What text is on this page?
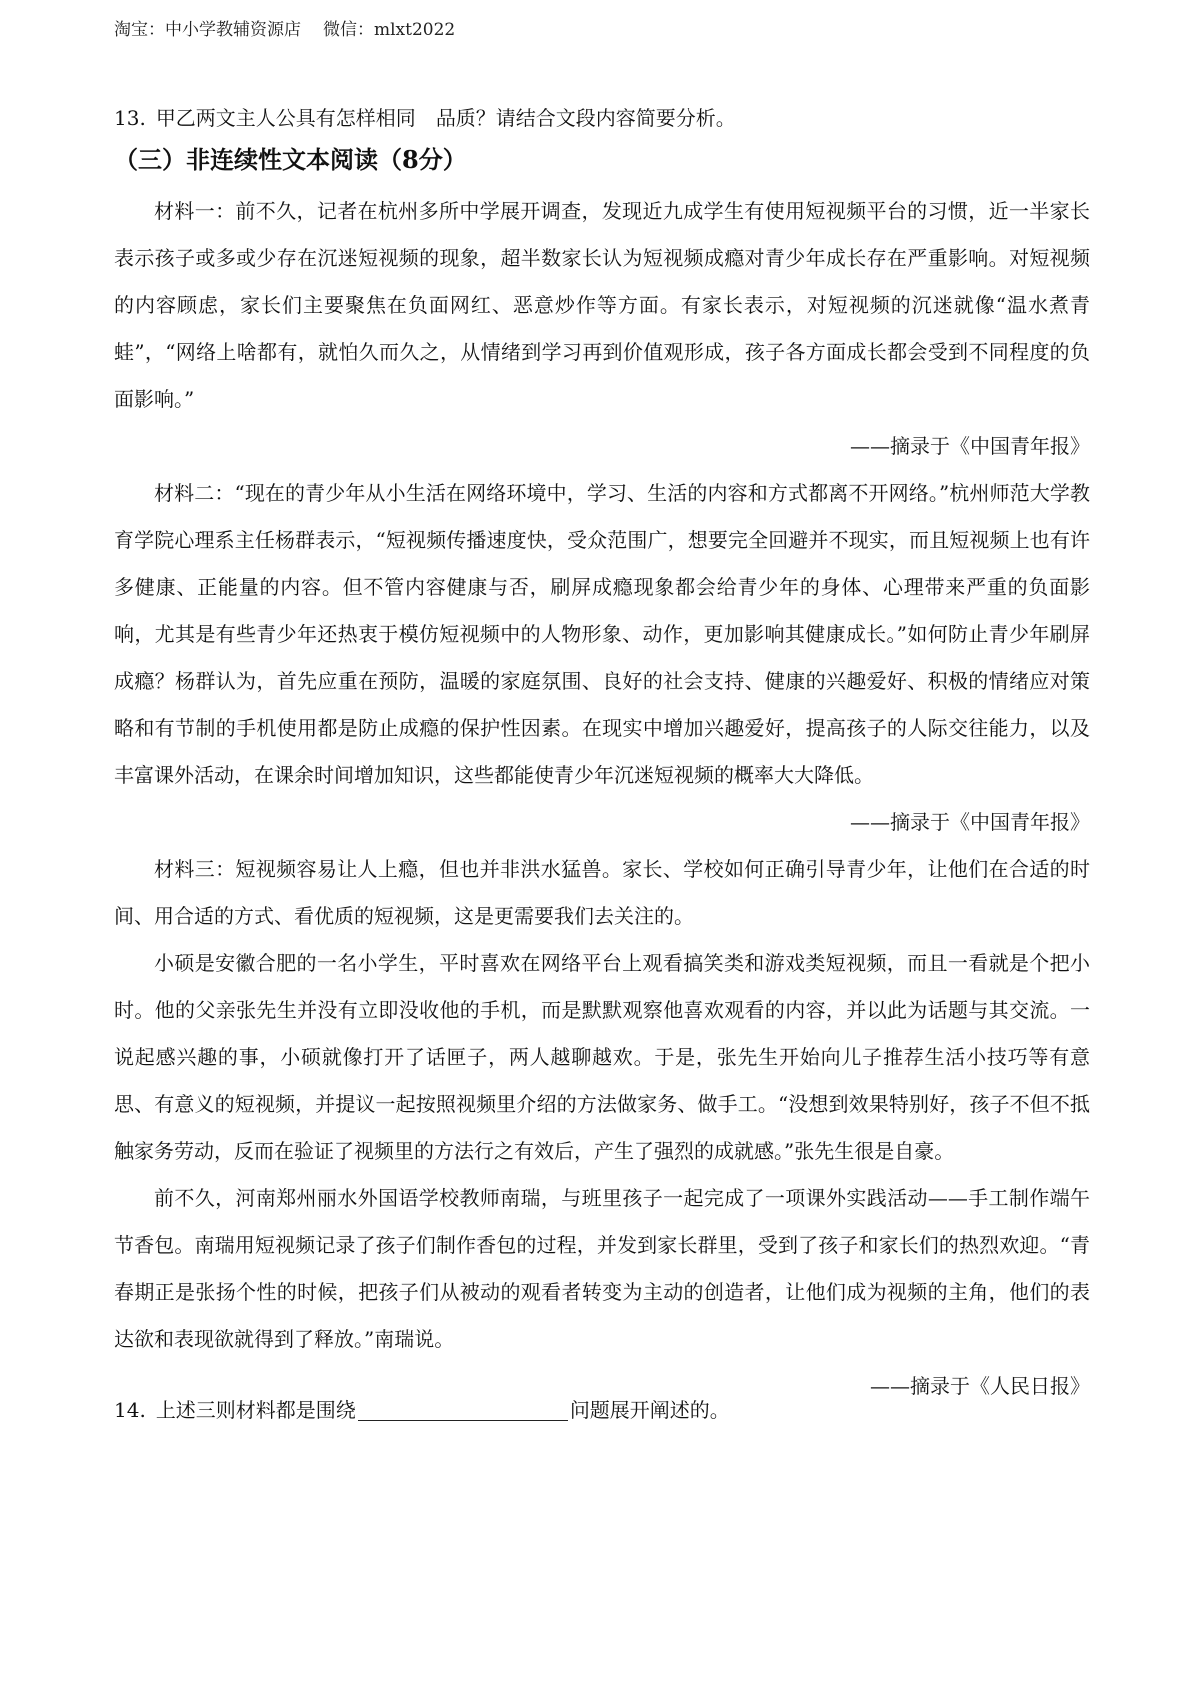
淘宝：中小学教辅资源店 微信：mlxt2022
13. 甲乙两文主人公具有怎样相同 品质？请结合文段内容简要分析。
（三）非连续性文本阅读（8分）

材料一：前不久，记者在杭州多所中学展开调查，发现近九成学生有使用短视频平台的习惯，近一半家长表示孩子或多或少存在沉迷短视频的现象，超半数家长认为短视频成瘾对青少年成长存在严重影响。对短视频的内容顾虑，家长们主要聚焦在负面网红、恶意炒作等方面。有家长表示，对短视频的沉迷就像“温水煮青蛙”，“网络上啥都有，就怕久而久之，从情绪到学习再到价值观形成，孩子各方面成长都会受到不同程度的负面影响。”

——摘录于《中国青年报》

材料二：“现在的青少年从小生活在网络环境中，学习、生活的内容和方式都离不开网络。”杭州师范大学教育学院心理系主任杨群表示，“短视频传播速度快，受众范围广，想要完全回避并不现实，而且短视频上也有许多健康、正能量的内容。但不管内容健康与否，刷屏成瘾现象都会给青少年的身体、心理带来严重的负面影响，尤其是有些青少年还热衷于模仿短视频中的人物形象、动作，更加影响其健康成长。”如何防止青少年刷屏成瘾？杨群认为，首先应重在预防，温暖的家庭氛围、良好的社会支持、健康的兴趣爱好、积极的情绪应对策略和有节制的手机使用都是防止成瘾的保护性因素。在现实中增加兴趣爱好，提高孩子的人际交往能力，以及丰富课外活动，在课余时间增加知识，这些都能使青少年沉迷短视频的概率大大降低。

——摘录于《中国青年报》

材料三：短视频容易让人上瘾，但也并非洪水猛兽。家长、学校如何正确引导青少年，让他们在合适的时间、用合适的方式、看优质的短视频，这是更需要我们去关注的。

小硕是安徽合肥的一名小学生，平时喜欢在网络平台上观看搞笑类和游戏类短视频，而且一看就是个把小时。他的父亲张先生并没有立即没收他的手机，而是默默观察他喜欢观看的内容，并以此为话题与其交流。一说起感兴趣的事，小硕就像打开了话匣子，两人越聊越欢。于是，张先生开始向儿子推荐生活小技巧等有意思、有意义的短视频，并提议一起按照视频里介绍的方法做家务、做手工。“没想到效果特别好，孩子不但不抵触家务劳动，反而在验证了视频里的方法行之有效后，产生了强烈的成就感。”张先生很是自豪。

前不久，河南郑州丽水外国语学校教师南瑞，与班里孩子一起完成了一项课外实践活动——手工制作端午节香包。南瑞用短视频记录了孩子们制作香包的过程，并发到家长群里，受到了孩子和家长们的热烈欢迎。“青春期正是张扬个性的时候，把孩子们从被动的观看者转变为主动的创造者，让他们成为视频的主角，他们的表达欲和表现欲就得到了释放。”南瑞说。

——摘录于《人民日报》

14. 上述三则材料都是围绕	问题展开阐述的。
